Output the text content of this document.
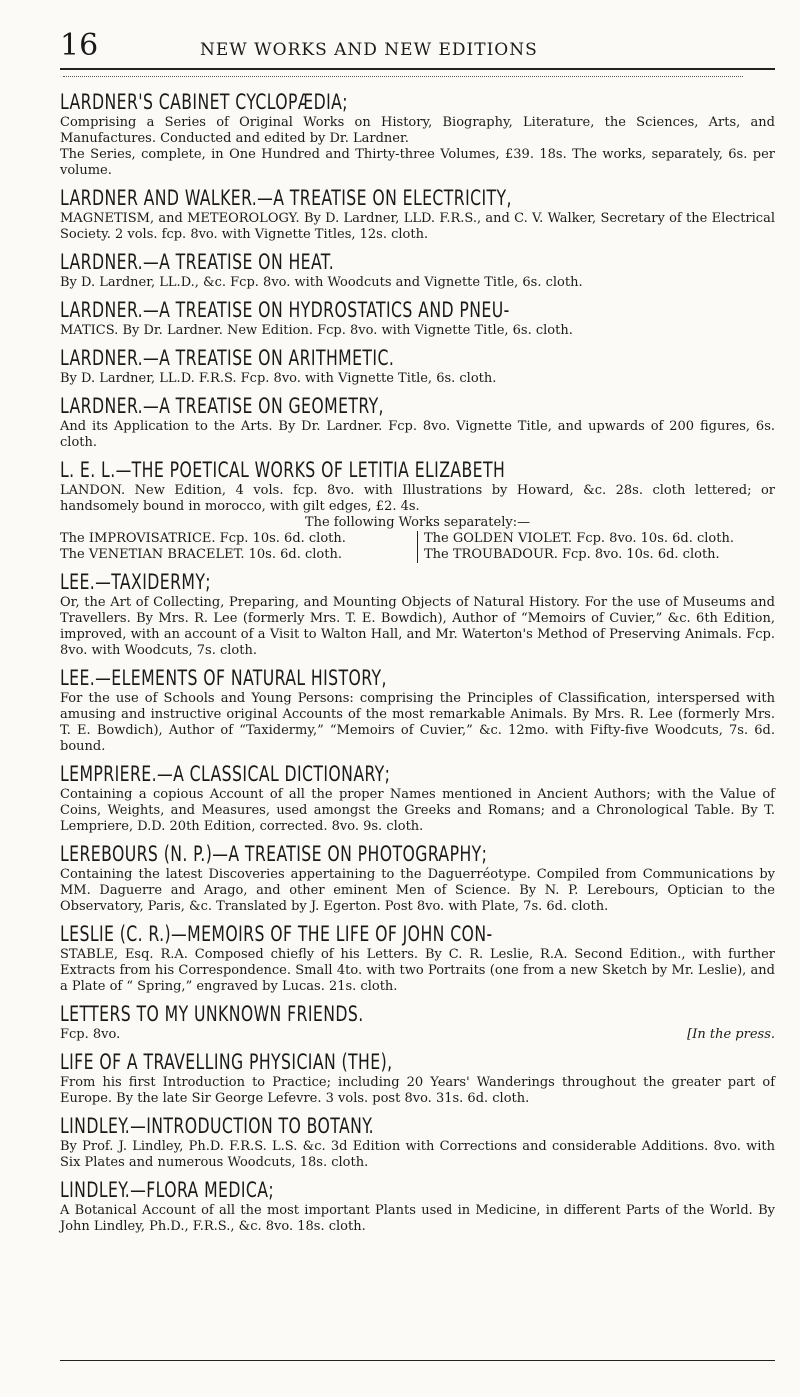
16	NEW WORKS AND NEW EDITIONS
LARDNER'S CABINET CYCLOPÆDIA;

Comprising a Series of Original Works on History, Biography, Literature, the Sciences, Arts, and Manufactures. Conducted and edited by Dr. Lardner.

The Series, complete, in One Hundred and Thirty-three Volumes, £39. 18s. The works, separately, 6s. per volume.

LARDNER AND WALKER.—A TREATISE ON ELECTRICITY,

MAGNETISM, and METEOROLOGY. By D. Lardner, LLD. F.R.S., and C. V. Walker, Secretary of the Electrical Society. 2 vols. fcp. 8vo. with Vignette Titles, 12s. cloth.

LARDNER.—A TREATISE ON HEAT.

By D. Lardner, LL.D., &c. Fcp. 8vo. with Woodcuts and Vignette Title, 6s. cloth.

LARDNER.—A TREATISE ON HYDROSTATICS AND PNEU-

MATICS. By Dr. Lardner. New Edition. Fcp. 8vo. with Vignette Title, 6s. cloth.

LARDNER.—A TREATISE ON ARITHMETIC.

By D. Lardner, LL.D. F.R.S. Fcp. 8vo. with Vignette Title, 6s. cloth.

LARDNER.—A TREATISE ON GEOMETRY,

And its Application to the Arts. By Dr. Lardner. Fcp. 8vo. Vignette Title, and upwards of 200 figures, 6s. cloth.

L. E. L.—THE POETICAL WORKS OF LETITIA ELIZABETH

LANDON. New Edition, 4 vols. fcp. 8vo. with Illustrations by Howard, &c. 28s. cloth lettered; or handsomely bound in morocco, with gilt edges, £2. 4s.

The following Works separately:—
The IMPROVISATRICE. Fcp. 10s. 6d. cloth.
The VENETIAN BRACELET. 10s. 6d. cloth.
The GOLDEN VIOLET. Fcp. 8vo. 10s. 6d. cloth.
The TROUBADOUR. Fcp. 8vo. 10s. 6d. cloth.
LEE.—TAXIDERMY;

Or, the Art of Collecting, Preparing, and Mounting Objects of Natural History. For the use of Museums and Travellers. By Mrs. R. Lee (formerly Mrs. T. E. Bowdich), Author of “Memoirs of Cuvier,” &c. 6th Edition, improved, with an account of a Visit to Walton Hall, and Mr. Waterton's Method of Preserving Animals. Fcp. 8vo. with Woodcuts, 7s. cloth.

LEE.—ELEMENTS OF NATURAL HISTORY,

For the use of Schools and Young Persons: comprising the Principles of Classification, interspersed with amusing and instructive original Accounts of the most remarkable Animals. By Mrs. R. Lee (formerly Mrs. T. E. Bowdich), Author of “Taxidermy,” “Memoirs of Cuvier,” &c. 12mo. with Fifty-five Woodcuts, 7s. 6d. bound.

LEMPRIERE.—A CLASSICAL DICTIONARY;

Containing a copious Account of all the proper Names mentioned in Ancient Authors; with the Value of Coins, Weights, and Measures, used amongst the Greeks and Romans; and a Chronological Table. By T. Lempriere, D.D. 20th Edition, corrected. 8vo. 9s. cloth.

LEREBOURS (N. P.)—A TREATISE ON PHOTOGRAPHY;

Containing the latest Discoveries appertaining to the Daguerréotype. Compiled from Communications by MM. Daguerre and Arago, and other eminent Men of Science. By N. P. Lerebours, Optician to the Observatory, Paris, &c. Translated by J. Egerton. Post 8vo. with Plate, 7s. 6d. cloth.

LESLIE (C. R.)—MEMOIRS OF THE LIFE OF JOHN CON-

STABLE, Esq. R.A. Composed chiefly of his Letters. By C. R. Leslie, R.A. Second Edition., with further Extracts from his Correspondence. Small 4to. with two Portraits (one from a new Sketch by Mr. Leslie), and a Plate of “ Spring,” engraved by Lucas. 21s. cloth.

LETTERS TO MY UNKNOWN FRIENDS.
Fcp. 8vo.	[In the press.
LIFE OF A TRAVELLING PHYSICIAN (THE),

From his first Introduction to Practice; including 20 Years' Wanderings throughout the greater part of Europe. By the late Sir George Lefevre. 3 vols. post 8vo. 31s. 6d. cloth.

LINDLEY.—INTRODUCTION TO BOTANY.

By Prof. J. Lindley, Ph.D. F.R.S. L.S. &c. 3d Edition with Corrections and considerable Additions. 8vo. with Six Plates and numerous Woodcuts, 18s. cloth.

LINDLEY.—FLORA MEDICA;

A Botanical Account of all the most important Plants used in Medicine, in different Parts of the World. By John Lindley, Ph.D., F.R.S., &c. 8vo. 18s. cloth.
